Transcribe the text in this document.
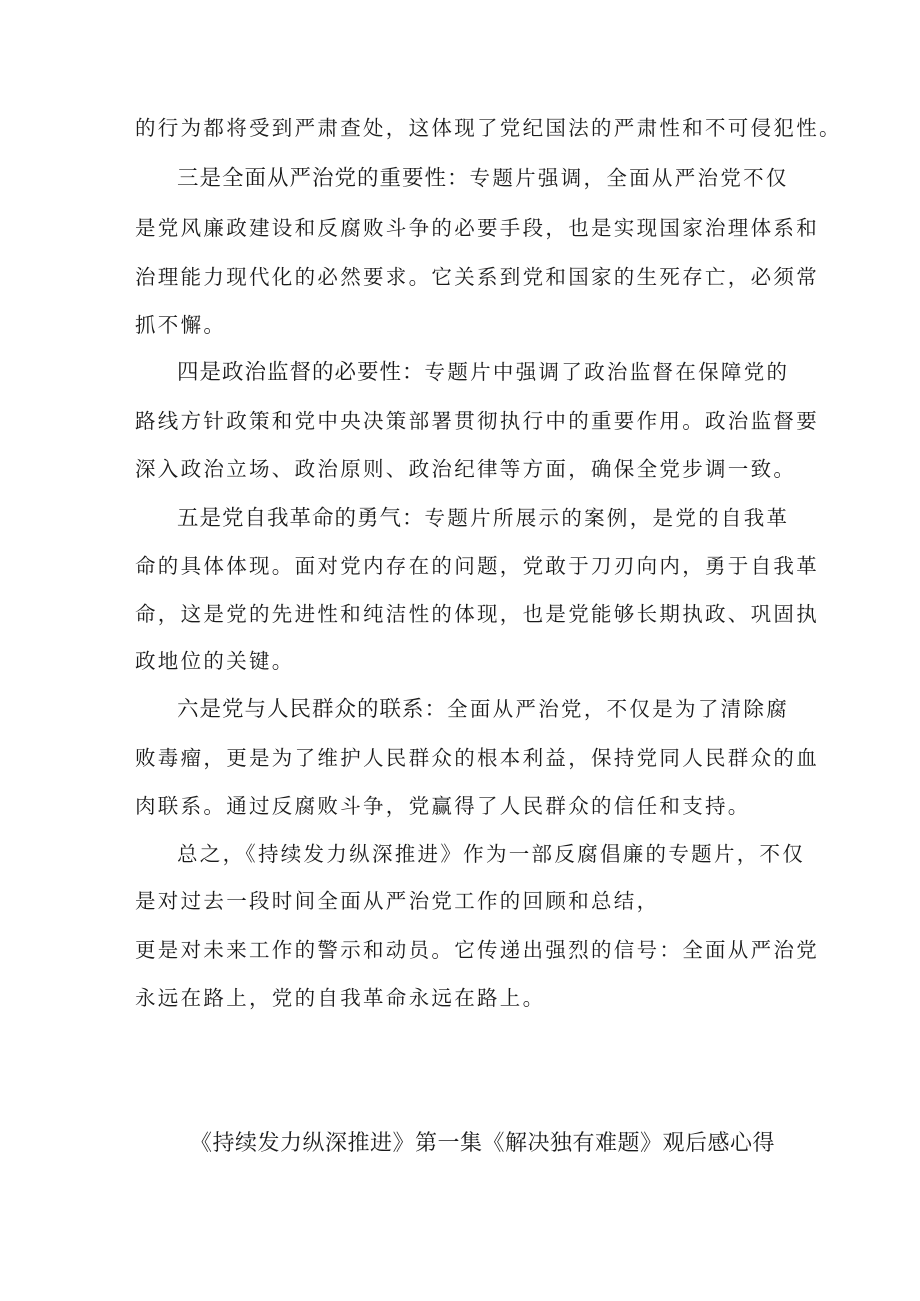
的行为都将受到严肃查处，这体现了党纪国法的严肃性和不可侵犯性。
三是全面从严治党的重要性：专题片强调，全面从严治党不仅
是党风廉政建设和反腐败斗争的必要手段，也是实现国家治理体系和
治理能力现代化的必然要求。它关系到党和国家的生死存亡，必须常
抓不懈。
四是政治监督的必要性：专题片中强调了政治监督在保障党的
路线方针政策和党中央决策部署贯彻执行中的重要作用。政治监督要
深入政治立场、政治原则、政治纪律等方面，确保全党步调一致。
五是党自我革命的勇气：专题片所展示的案例，是党的自我革
命的具体体现。面对党内存在的问题，党敢于刀刃向内，勇于自我革
命，这是党的先进性和纯洁性的体现，也是党能够长期执政、巩固执
政地位的关键。
六是党与人民群众的联系：全面从严治党，不仅是为了清除腐
败毒瘤，更是为了维护人民群众的根本利益，保持党同人民群众的血
肉联系。通过反腐败斗争，党赢得了人民群众的信任和支持。
总之，《持续发力纵深推进》作为一部反腐倡廉的专题片，不仅
是对过去一段时间全面从严治党工作的回顾和总结，
更是对未来工作的警示和动员。它传递出强烈的信号：全面从严治党
永远在路上，党的自我革命永远在路上。
《持续发力纵深推进》第一集《解决独有难题》观后感心得
